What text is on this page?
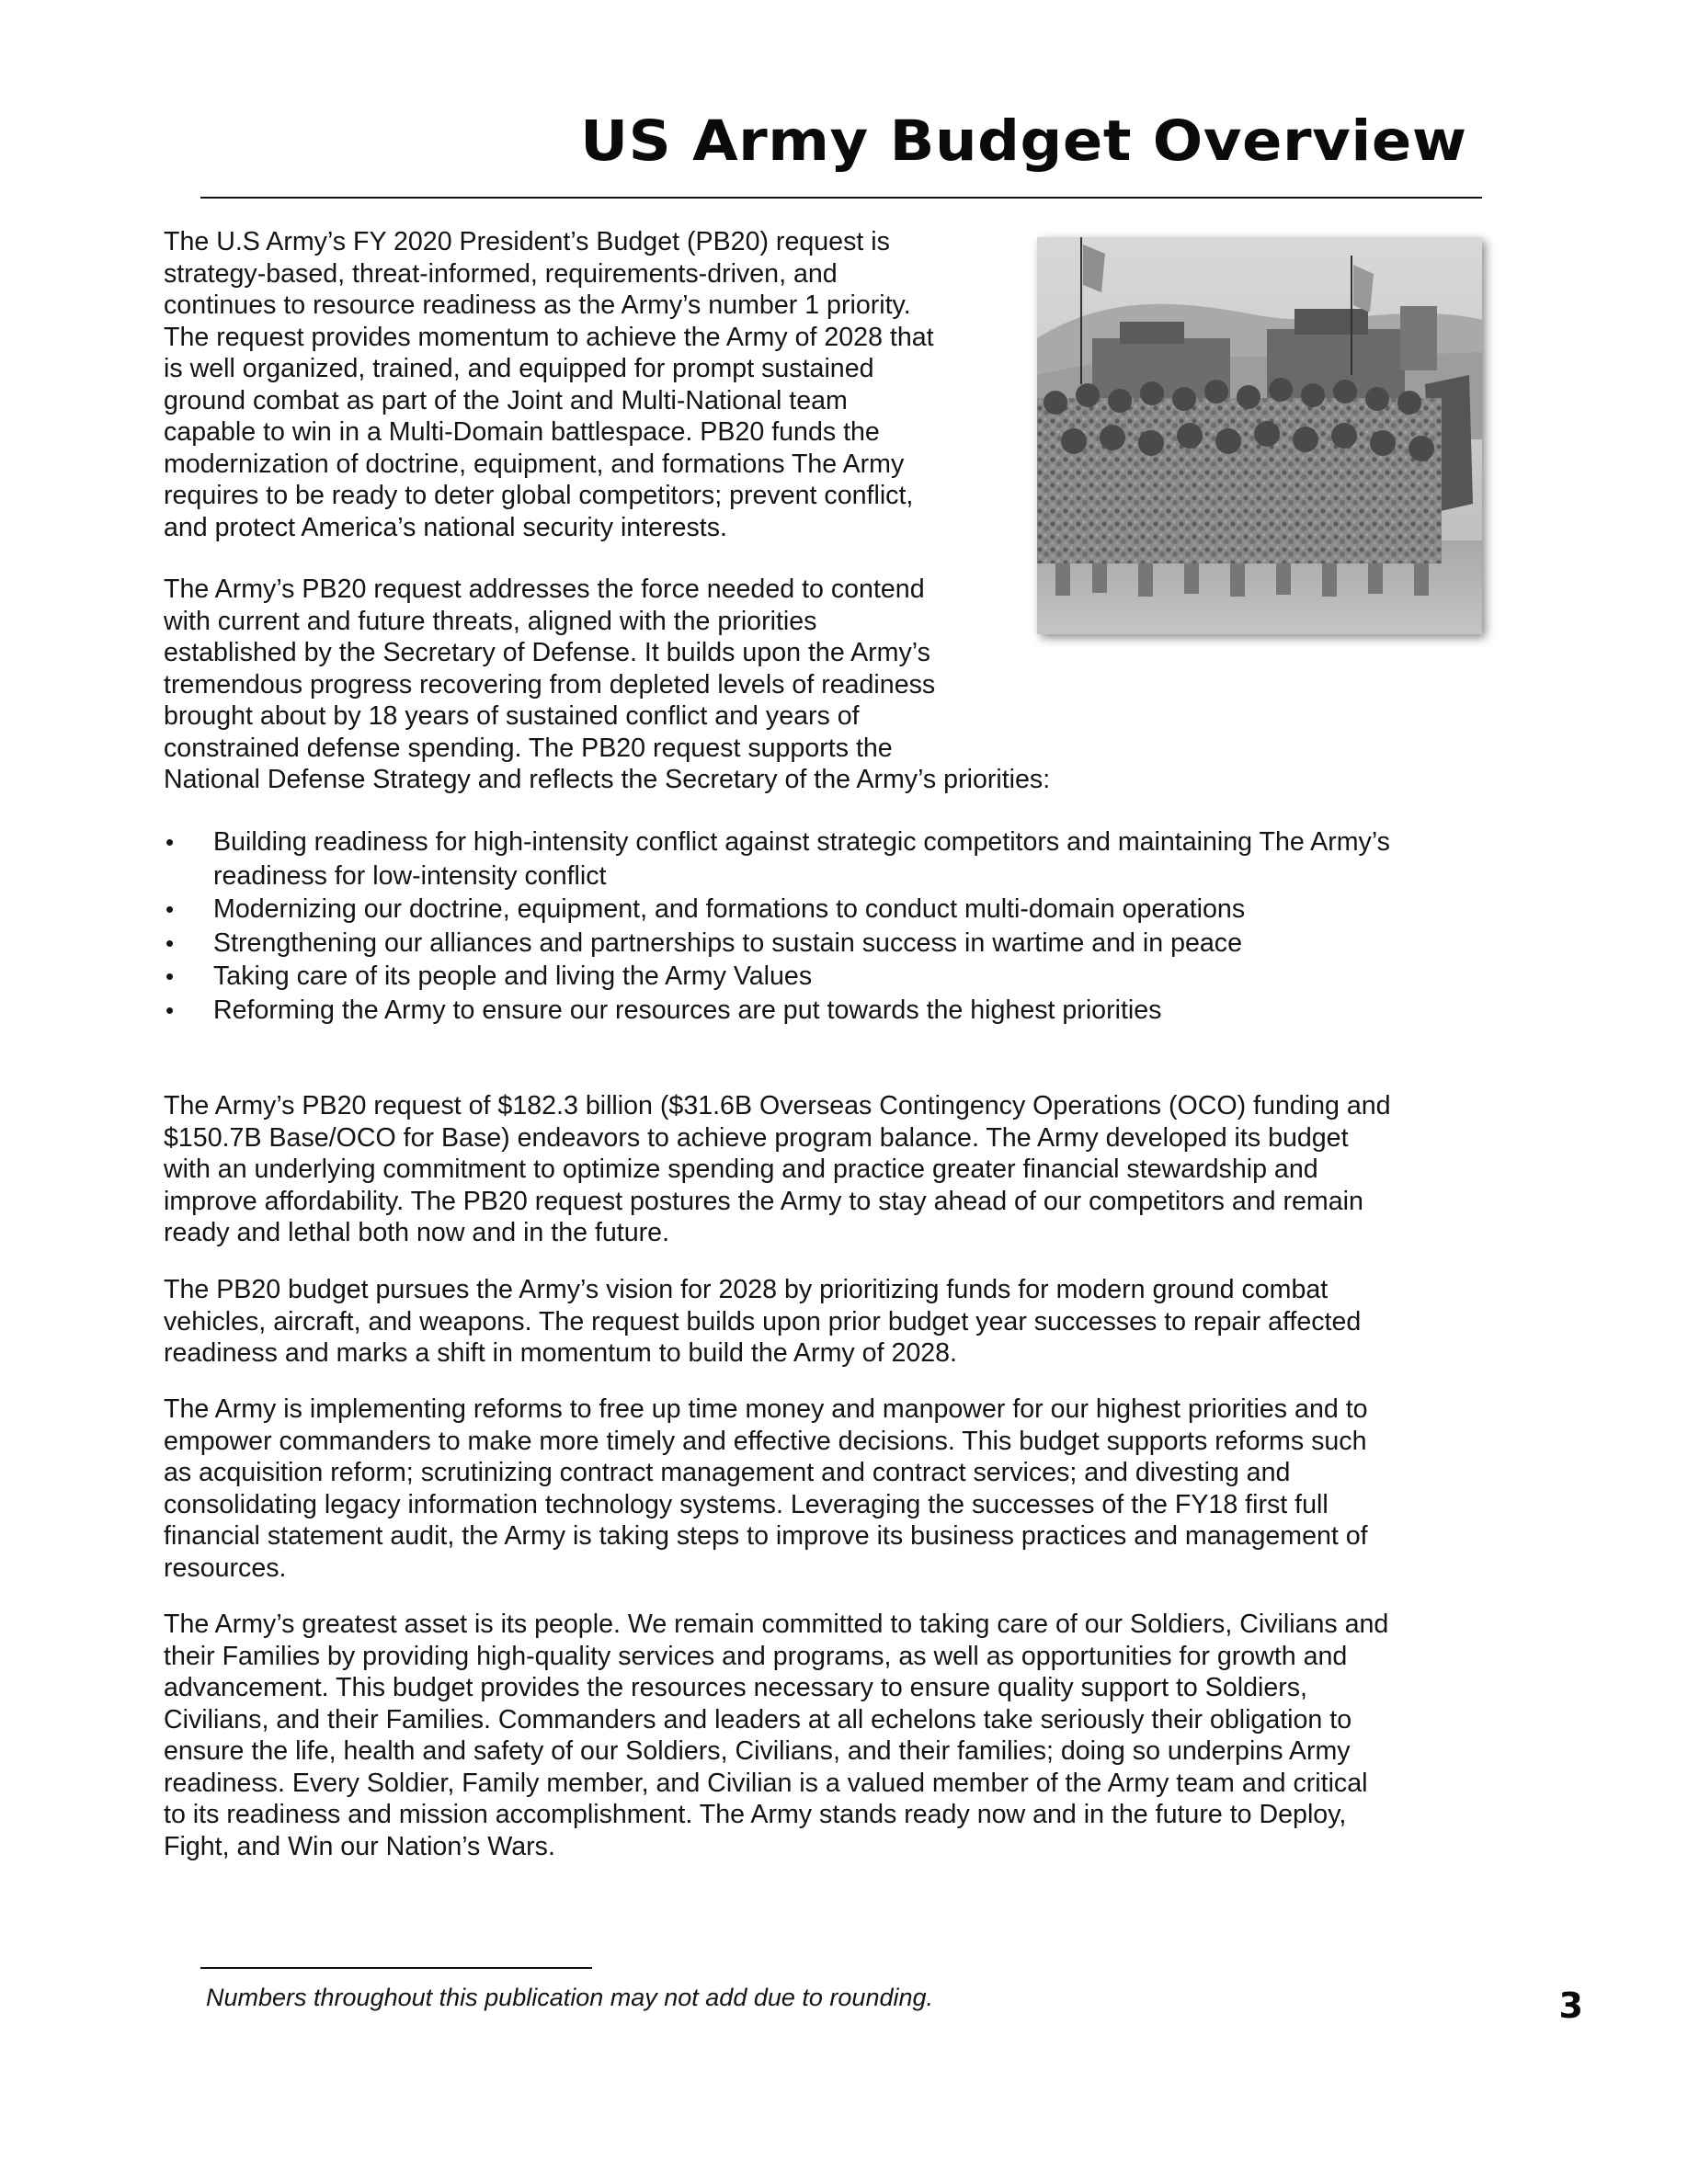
US Army Budget Overview

The U.S Army’s FY 2020 President’s Budget (PB20) request is
strategy-based, threat-informed, requirements-driven, and
continues to resource readiness as the Army’s number 1 priority.
The request provides momentum to achieve the Army of 2028 that
is well organized, trained, and equipped for prompt sustained
ground combat as part of the Joint and Multi-National team
capable to win in a Multi-Domain battlespace. PB20 funds the
modernization of doctrine, equipment, and formations The Army
requires to be ready to deter global competitors; prevent conflict,
and protect America’s national security interests.

The Army’s PB20 request addresses the force needed to contend
with current and future threats, aligned with the priorities
established by the Secretary of Defense. It builds upon the Army’s
tremendous progress recovering from depleted levels of readiness
brought about by 18 years of sustained conflict and years of
constrained defense spending. The PB20 request supports the
National Defense Strategy and reflects the Secretary of the Army’s priorities:

• Building readiness for high-intensity conflict against strategic competitors and maintaining The Army’s
readiness for low-intensity conflict
• Modernizing our doctrine, equipment, and formations to conduct multi-domain operations
• Strengthening our alliances and partnerships to sustain success in wartime and in peace
• Taking care of its people and living the Army Values
• Reforming the Army to ensure our resources are put towards the highest priorities

The Army’s PB20 request of $182.3 billion ($31.6B Overseas Contingency Operations (OCO) funding and
$150.7B Base/OCO for Base) endeavors to achieve program balance. The Army developed its budget
with an underlying commitment to optimize spending and practice greater financial stewardship and
improve affordability. The PB20 request postures the Army to stay ahead of our competitors and remain
ready and lethal both now and in the future.

The PB20 budget pursues the Army’s vision for 2028 by prioritizing funds for modern ground combat
vehicles, aircraft, and weapons. The request builds upon prior budget year successes to repair affected
readiness and marks a shift in momentum to build the Army of 2028.

The Army is implementing reforms to free up time money and manpower for our highest priorities and to
empower commanders to make more timely and effective decisions. This budget supports reforms such
as acquisition reform; scrutinizing contract management and contract services; and divesting and
consolidating legacy information technology systems. Leveraging the successes of the FY18 first full
financial statement audit, the Army is taking steps to improve its business practices and management of
resources.

The Army’s greatest asset is its people. We remain committed to taking care of our Soldiers, Civilians and
their Families by providing high-quality services and programs, as well as opportunities for growth and
advancement. This budget provides the resources necessary to ensure quality support to Soldiers,
Civilians, and their Families. Commanders and leaders at all echelons take seriously their obligation to
ensure the life, health and safety of our Soldiers, Civilians, and their families; doing so underpins Army
readiness. Every Soldier, Family member, and Civilian is a valued member of the Army team and critical
to its readiness and mission accomplishment. The Army stands ready now and in the future to Deploy,
Fight, and Win our Nation’s Wars.

Numbers throughout this publication may not add due to rounding.	3
